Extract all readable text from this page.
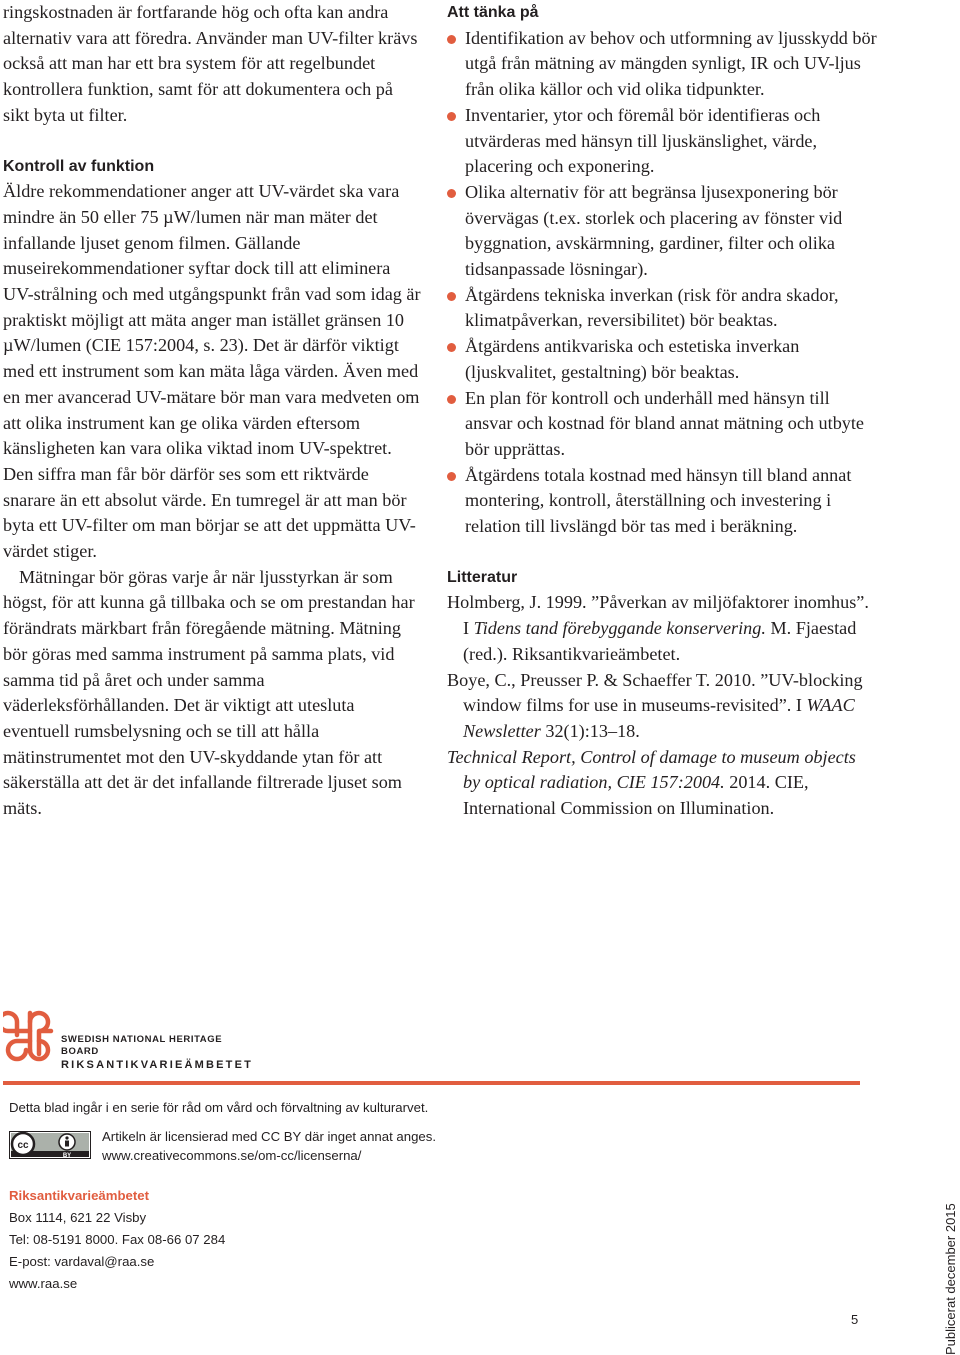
ringskostnaden är fortfarande hög och ofta kan andra alternativ vara att föredra. Använder man UV-filter krävs också att man har ett bra system för att regelbundet kontrollera funktion, samt för att dokumentera och på sikt byta ut filter.

Kontroll av funktion

Äldre rekommendationer anger att UV-värdet ska vara mindre än 50 eller 75 µW/lumen när man mäter det infallande ljuset genom filmen. Gällande museirekommendationer syftar dock till att eliminera UV-strålning och med utgångspunkt från vad som idag är praktiskt möjligt att mäta anger man istället gränsen 10 µW/lumen (CIE 157:2004, s. 23). Det är därför viktigt med ett instrument som kan mäta låga värden. Även med en mer avancerad UV-mätare bör man vara medveten om att olika instrument kan ge olika värden eftersom känsligheten kan vara olika viktad inom UV-spektret. Den siffra man får bör därför ses som ett riktvärde snarare än ett absolut värde. En tumregel är att man bör byta ett UV-filter om man börjar se att det uppmätta UV-värdet stiger.

Mätningar bör göras varje år när ljusstyrkan är som högst, för att kunna gå tillbaka och se om prestandan har förändrats märkbart från föregående mätning. Mätning bör göras med samma instrument på samma plats, vid samma tid på året och under samma väderleksförhållanden. Det är viktigt att utesluta eventuell rumsbelysning och se till att hålla mätinstrumentet mot den UV-skyddande ytan för att säkerställa att det är det infallande filtrerade ljuset som mäts.

Att tänka på
Identifikation av behov och utformning av ljusskydd bör utgå från mätning av mängden synligt, IR och UV-ljus från olika källor och vid olika tidpunkter.
Inventarier, ytor och föremål bör identifieras och utvärderas med hänsyn till ljuskänslighet, värde, placering och exponering.
Olika alternativ för att begränsa ljusexponering bör övervägas (t.ex. storlek och placering av fönster vid byggnation, avskärmning, gardiner, filter och olika tidsanpassade lösningar).
Åtgärdens tekniska inverkan (risk för andra skador, klimatpåverkan, reversibilitet) bör beaktas.
Åtgärdens antikvariska och estetiska inverkan (ljuskvalitet, gestaltning) bör beaktas.
En plan för kontroll och underhåll med hänsyn till ansvar och kostnad för bland annat mätning och utbyte bör upprättas.
Åtgärdens totala kostnad med hänsyn till bland annat montering, kontroll, återställning och investering i relation till livslängd bör tas med i beräkning.
Litteratur

Holmberg, J. 1999. ”Påverkan av miljöfaktorer inomhus”. I Tidens tand förebyggande konservering. M. Fjaestad (red.). Riksantikvarieämbetet.

Boye, C., Preusser P. & Schaeffer T. 2010. ”UV-blocking window films for use in museums-revisited”. I WAAC Newsletter 32(1):13–18.

Technical Report, Control of damage to museum objects by optical radiation, CIE 157:2004. 2014. CIE, International Commission on Illumination.

SWEDISH NATIONAL HERITAGE BOARD
RIKSANTIKVARIEÄMBETET
Detta blad ingår i en serie för råd om vård och förvaltning av kulturarvet.
cc
BY
Artikeln är licensierad med CC BY där inget annat anges.
www.creativecommons.se/om-cc/licenserna/
Riksantikvarieämbetet
Box 1114, 621 22 Visby
Tel: 08-5191 8000. Fax 08-66 07 284
E-post: vardaval@raa.se
www.raa.se
5	Publicerat december 2015
